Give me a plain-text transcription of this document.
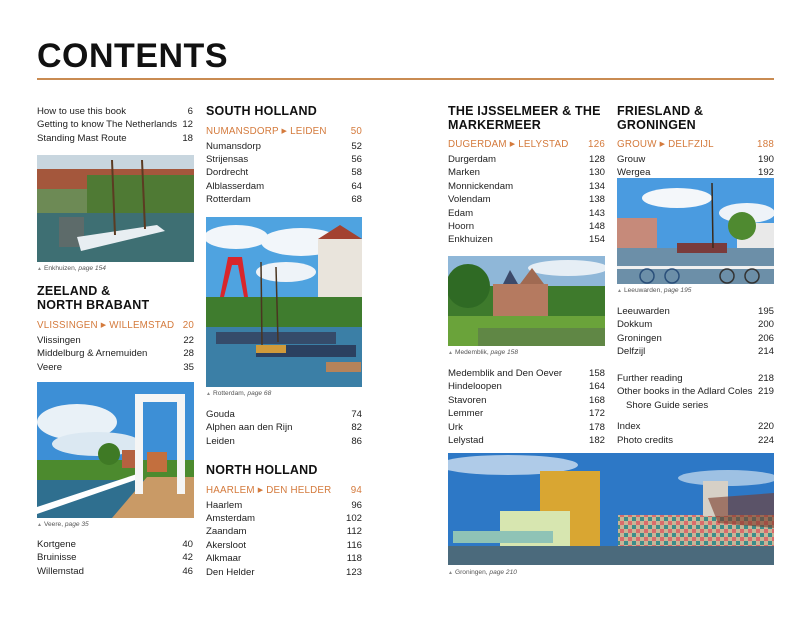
CONTENTS
How to use this book	6
Getting to know The Netherlands 12
Standing Mast Route	18
▲ Enkhuizen, page 154
ZEELAND &
NORTH BRABANT
VLISSINGEN ▶ WILLEMSTAD 20
Vlissingen	22
Middelburg & Arnemuiden	28
Veere	35
▲ Veere, page 35
Kortgene	40
Bruinisse	42
Willemstad	46
SOUTH HOLLAND
NUMANSDORP ▶ LEIDEN 50
Numansdorp	52
Strijensas	56
Dordrecht	58
Alblasserdam	64
Rotterdam	68
▲ Rotterdam, page 68
Gouda	74
Alphen aan den Rijn	82
Leiden	86
NORTH HOLLAND
HAARLEM ▶ DEN HELDER 94
Haarlem	96
Amsterdam	102
Zaandam	112
Akersloot	116
Alkmaar	118
Den Helder	123
THE IJSSELMEER & THE
MARKERMEER
DUGERDAM ▶ LELYSTAD 126
Durgerdam	128
Marken	130
Monnickendam	134
Volendam	138
Edam	143
Hoorn	148
Enkhuizen	154
▲ Medemblik, page 158
Medemblik and Den Oever	158
Hindeloopen	164
Stavoren	168
Lemmer	172
Urk	178
Lelystad	182
FRIESLAND & GRONINGEN
GROUW ▶ DELFZIJL	188
Grouw	190
Wergea	192
▲ Leeuwarden, page 195
Leeuwarden	195
Dokkum	200
Groningen	206
Delfzijl	214
Further reading	218
Other books in the Adlard Coles 219
Shore Guide series
Index	220
Photo credits	224
▲ Groningen, page 210
